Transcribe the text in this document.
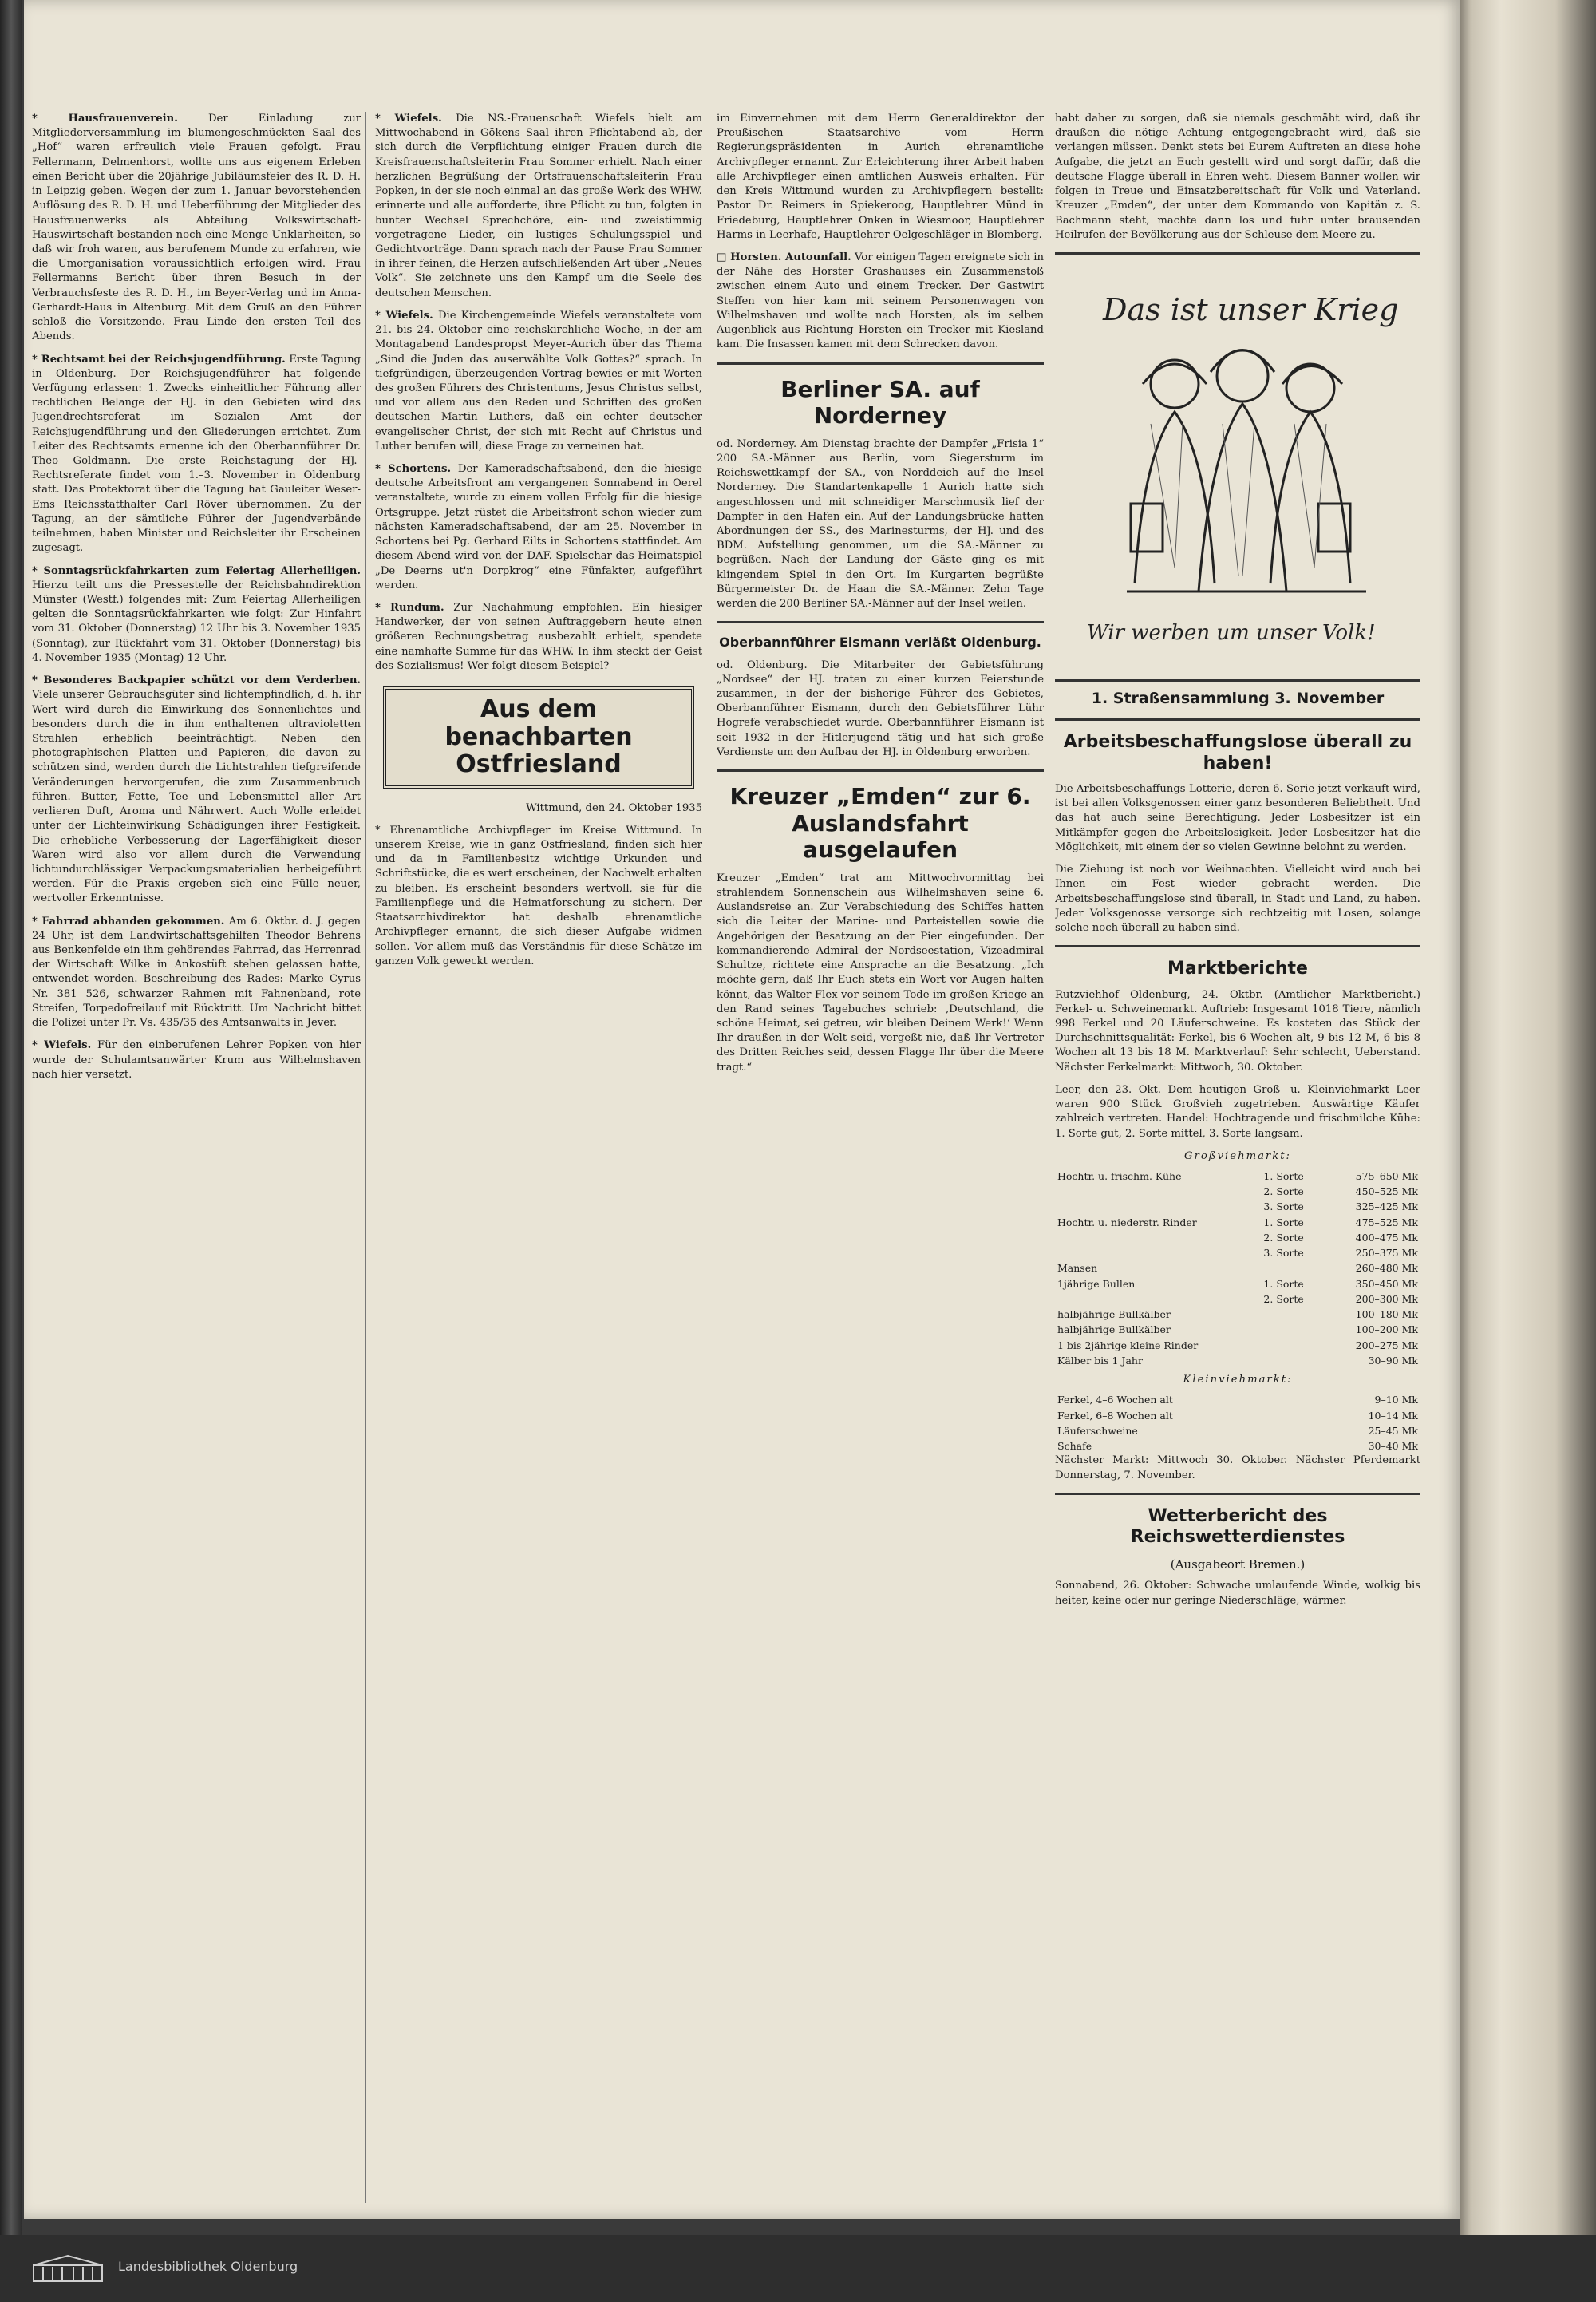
* Hausfrauenverein.	Der Einladung zur Mitgliederversammlung im blumengeschmückten Saal des „Hof“ waren erfreulich viele Frauen gefolgt. Frau Fellermann, Delmenhorst, wollte uns aus eigenem Erleben einen Bericht über die 20jährige Jubiläumsfeier des R. D. H. in Leipzig geben. Wegen der zum 1. Januar bevorstehenden Auflösung des R. D. H. und Ueberführung der Mitglieder des Hausfrauenwerks als Abteilung Volkswirtschaft-Hauswirtschaft bestanden noch eine Menge Unklarheiten, so daß wir froh waren, aus berufenem Munde zu erfahren, wie die Umorganisation voraussichtlich erfolgen wird. Frau Fellermanns Bericht über ihren Besuch in der Verbrauchsfeste des R. D. H., im Beyer-Verlag und im Anna-Gerhardt-Haus in Altenburg. Mit dem Gruß an den Führer schloß die Vorsitzende. Frau Linde den ersten Teil des Abends.

* Rechtsamt bei der Reichsjugendführung. Erste Tagung in Oldenburg. Der Reichsjugendführer hat folgende Verfügung erlassen: 1. Zwecks einheitlicher Führung aller rechtlichen Belange der HJ. in den Gebieten wird das Jugendrechtsreferat im Sozialen Amt der Reichsjugendführung und den Gliederungen errichtet. Zum Leiter des Rechtsamts ernenne ich den Oberbannführer Dr. Theo Goldmann. Die erste Reichstagung der HJ.-Rechtsreferate findet vom 1.–3. November in Oldenburg statt. Das Protektorat über die Tagung hat Gauleiter Weser-Ems Reichsstatthalter Carl Röver übernommen. Zu der Tagung, an der sämtliche Führer der Jugendverbände teilnehmen, haben Minister und Reichsleiter ihr Erscheinen zugesagt.

* Sonntagsrückfahrkarten zum Feiertag Allerheiligen. Hierzu teilt uns die Pressestelle der Reichsbahndirektion Münster (Westf.) folgendes mit: Zum Feiertag Allerheiligen gelten die Sonntagsrückfahrkarten wie folgt: Zur Hinfahrt vom 31. Oktober (Donnerstag) 12 Uhr bis 3. November 1935 (Sonntag), zur Rückfahrt vom 31. Oktober (Donnerstag) bis 4. November 1935 (Montag) 12 Uhr.

* Besonderes Backpapier schützt vor dem Verderben. Viele unserer Gebrauchsgüter sind lichtempfindlich, d. h. ihr Wert wird durch die Einwirkung des Sonnenlichtes und besonders durch die in ihm enthaltenen ultravioletten Strahlen erheblich beeinträchtigt. Neben den photographischen Platten und Papieren, die davon zu schützen sind, werden durch die Lichtstrahlen tiefgreifende Veränderungen hervorgerufen, die zum Zusammenbruch führen. Butter, Fette, Tee und Lebensmittel aller Art verlieren Duft, Aroma und Nährwert. Auch Wolle erleidet unter der Lichteinwirkung Schädigungen ihrer Festigkeit. Die erhebliche Verbesserung der Lagerfähigkeit dieser Waren wird also vor allem durch die Verwendung lichtundurchlässiger Verpackungsmaterialien herbeigeführt werden. Für die Praxis ergeben sich eine Fülle neuer, wertvoller Erkenntnisse.

* Fahrrad abhanden gekommen. Am 6. Oktbr. d. J. gegen 24 Uhr, ist dem Landwirtschaftsgehilfen Theodor Behrens aus Benkenfelde ein ihm gehörendes Fahrrad, das Herrenrad der Wirtschaft Wilke in Ankostüft stehen gelassen hatte, entwendet worden. Beschreibung des Rades: Marke Cyrus Nr. 381 526, schwarzer Rahmen mit Fahnenband, rote Streifen, Torpedofreilauf mit Rücktritt. Um Nachricht bittet die Polizei unter Pr. Vs. 435/35 des Amtsanwalts in Jever.

* Wiefels. Für den einberufenen Lehrer Popken von hier wurde der Schulamtsanwärter Krum aus Wilhelmshaven nach hier versetzt.

* Wiefels. Die NS.-Frauenschaft Wiefels hielt am Mittwochabend in Gökens Saal ihren Pflichtabend ab, der sich durch die Verpflichtung einiger Frauen durch die Kreisfrauenschaftsleiterin Frau Sommer erhielt. Nach einer herzlichen Begrüßung der Ortsfrauenschaftsleiterin Frau Popken, in der sie noch einmal an das große Werk des WHW. erinnerte und alle aufforderte, ihre Pflicht zu tun, folgten in bunter Wechsel Sprechchöre, ein- und zweistimmig vorgetragene Lieder, ein lustiges Schulungsspiel und Gedichtvorträge. Dann sprach nach der Pause Frau Sommer in ihrer feinen, die Herzen aufschließenden Art über „Neues Volk“. Sie zeichnete uns den Kampf um die Seele des deutschen Menschen.

* Wiefels. Die Kirchengemeinde Wiefels veranstaltete vom 21. bis 24. Oktober eine reichskirchliche Woche, in der am Montagabend Landespropst Meyer-Aurich über das Thema „Sind die Juden das auserwählte Volk Gottes?“ sprach. In tiefgründigen, überzeugenden Vortrag bewies er mit Worten des großen Führers des Christentums, Jesus Christus selbst, und vor allem aus den Reden und Schriften des großen deutschen Martin Luthers, daß ein echter deutscher evangelischer Christ, der sich mit Recht auf Christus und Luther berufen will, diese Frage zu verneinen hat.

* Schortens. Der Kameradschaftsabend, den die hiesige deutsche Arbeitsfront am vergangenen Sonnabend in Oerel veranstaltete, wurde zu einem vollen Erfolg für die hiesige Ortsgruppe. Jetzt rüstet die Arbeitsfront schon wieder zum nächsten Kameradschaftsabend, der am 25. November in Schortens bei Pg. Gerhard Eilts in Schortens stattfindet. Am diesem Abend wird von der DAF.-Spielschar das Heimatspiel „De Deerns ut'n Dorpkrog“ eine Fünfakter, aufgeführt werden.

* Rundum. Zur Nachahmung empfohlen. Ein hiesiger Handwerker, der von seinen Auftraggebern heute einen größeren Rechnungsbetrag ausbezahlt erhielt, spendete eine namhafte Summe für das WHW. In ihm steckt der Geist des Sozialismus! Wer folgt diesem Beispiel?

Aus dem benachbarten Ostfriesland

Wittmund, den 24. Oktober 1935

* Ehrenamtliche Archivpfleger im Kreise Wittmund. In unserem Kreise, wie in ganz Ostfriesland, finden sich hier und da in Familienbesitz wichtige Urkunden und Schriftstücke, die es wert erscheinen, der Nachwelt erhalten zu bleiben. Es erscheint besonders wertvoll, sie für die Familienpflege und die Heimatforschung zu sichern. Der Staatsarchivdirektor hat deshalb ehrenamtliche Archivpfleger ernannt, die sich dieser Aufgabe widmen sollen. Vor allem muß das Verständnis für diese Schätze im ganzen Volk geweckt werden.

im Einvernehmen mit dem Herrn Generaldirektor der Preußischen Staatsarchive vom Herrn Regierungspräsidenten in Aurich ehrenamtliche Archivpfleger ernannt. Zur Erleichterung ihrer Arbeit haben alle Archivpfleger einen amtlichen Ausweis erhalten. Für den Kreis Wittmund wurden zu Archivpflegern bestellt: Pastor Dr. Reimers in Spiekeroog, Hauptlehrer Münd in Friedeburg, Hauptlehrer Onken in Wiesmoor, Hauptlehrer Harms in Leerhafe, Hauptlehrer Oelgeschläger in Blomberg.

□ Horsten. Autounfall. Vor einigen Tagen ereignete sich in der Nähe des Horster Grashauses ein Zusammenstoß zwischen einem Auto und einem Trecker. Der Gastwirt Steffen von hier kam mit seinem Personenwagen von Wilhelmshaven und wollte nach Horsten, als im selben Augenblick aus Richtung Horsten ein Trecker mit Kiesland kam. Die Insassen kamen mit dem Schrecken davon.

Berliner SA. auf Norderney

od. Norderney. Am Dienstag brachte der Dampfer „Frisia 1“ 200 SA.-Männer aus Berlin, vom Siegersturm im Reichswettkampf der SA., von Norddeich auf die Insel Norderney. Die Standartenkapelle 1 Aurich hatte sich angeschlossen und mit schneidiger Marschmusik lief der Dampfer in den Hafen ein. Auf der Landungsbrücke hatten Abordnungen der SS., des Marinesturms, der HJ. und des BDM. Aufstellung genommen, um die SA.-Männer zu begrüßen. Nach der Landung der Gäste ging es mit klingendem Spiel in den Ort. Im Kurgarten begrüßte Bürgermeister Dr. de Haan die SA.-Männer. Zehn Tage werden die 200 Berliner SA.-Männer auf der Insel weilen.

Oberbannführer Eismann verläßt Oldenburg.

od. Oldenburg. Die Mitarbeiter der Gebietsführung „Nordsee“ der HJ. traten zu einer kurzen Feierstunde zusammen, in der der bisherige Führer des Gebietes, Oberbannführer Eismann, durch den Gebietsführer Lühr Hogrefe verabschiedet wurde. Oberbannführer Eismann ist seit 1932 in der Hitlerjugend tätig und hat sich große Verdienste um den Aufbau der HJ. in Oldenburg erworben.

Kreuzer „Emden“ zur 6. Auslandsfahrt ausgelaufen

Kreuzer „Emden“ trat am Mittwochvormittag bei strahlendem Sonnenschein aus Wilhelmshaven seine 6. Auslandsreise an. Zur Verabschiedung des Schiffes hatten sich die Leiter der Marine- und Parteistellen sowie die Angehörigen der Besatzung an der Pier eingefunden. Der kommandierende Admiral der Nordseestation, Vizeadmiral Schultze, richtete eine Ansprache an die Besatzung. „Ich möchte gern, daß Ihr Euch stets ein Wort vor Augen halten könnt, das Walter Flex vor seinem Tode im großen Kriege an den Rand seines Tagebuches schrieb: ‚Deutschland, die schöne Heimat, sei getreu, wir bleiben Deinem Werk!‘ Wenn Ihr draußen in der Welt seid, vergeßt nie, daß Ihr Vertreter des Dritten Reiches seid, dessen Flagge Ihr über die Meere tragt.“

habt daher zu sorgen, daß sie niemals geschmäht wird, daß ihr draußen die nötige Achtung entgegengebracht wird, daß sie verlangen müssen. Denkt stets bei Eurem Auftreten an diese hohe Aufgabe, die jetzt an Euch gestellt wird und sorgt dafür, daß die deutsche Flagge überall in Ehren weht. Diesem Banner wollen wir folgen in Treue und Einsatzbereitschaft für Volk und Vaterland. Kreuzer „Emden“, der unter dem Kommando von Kapitän z. S. Bachmann steht, machte dann los und fuhr unter brausenden Heilrufen der Bevölkerung aus der Schleuse dem Meere zu.

Das ist unser Krieg
Wir werben um unser Volk!
1. Straßensammlung 3. November
Arbeitsbeschaffungslose überall zu haben!

Die Arbeitsbeschaffungs-Lotterie, deren 6. Serie jetzt verkauft wird, ist bei allen Volksgenossen einer ganz besonderen Beliebtheit. Und das hat auch seine Berechtigung. Jeder Losbesitzer ist ein Mitkämpfer gegen die Arbeitslosigkeit. Jeder Losbesitzer hat die Möglichkeit, mit einem der so vielen Gewinne belohnt zu werden.

Die Ziehung ist noch vor Weihnachten. Vielleicht wird auch bei Ihnen ein Fest wieder gebracht werden. Die Arbeitsbeschaffungslose sind überall, in Stadt und Land, zu haben. Jeder Volksgenosse versorge sich rechtzeitig mit Losen, solange solche noch überall zu haben sind.

Marktberichte

Rutzviehhof Oldenburg, 24. Oktbr. (Amtlicher Marktbericht.) Ferkel- u. Schweinemarkt. Auftrieb: Insgesamt 1018 Tiere, nämlich 998 Ferkel und 20 Läuferschweine. Es kosteten das Stück der Durchschnittsqualität: Ferkel, bis 6 Wochen alt, 9 bis 12 M, 6 bis 8 Wochen alt 13 bis 18 M. Marktverlauf: Sehr schlecht, Ueberstand. Nächster Ferkelmarkt: Mittwoch, 30. Oktober.

Leer, den 23. Okt. Dem heutigen Groß- u. Kleinviehmarkt Leer waren 900 Stück Großvieh zugetrieben. Auswärtige Käufer zahlreich vertreten. Handel: Hochtragende und frischmilche Kühe: 1. Sorte gut, 2. Sorte mittel, 3. Sorte langsam.

Großviehmarkt:
Hochtr. u. frischm. Kühe	1. Sorte	575–650 Mk
	2. Sorte	450–525 Mk
	3. Sorte	325–425 Mk
Hochtr. u. niederstr. Rinder	1. Sorte	475–525 Mk
	2. Sorte	400–475 Mk
	3. Sorte	250–375 Mk
Mansen		260–480 Mk
1jährige Bullen	1. Sorte	350–450 Mk
	2. Sorte	200–300 Mk
halbjährige Bullkälber		100–180 Mk
halbjährige Bullkälber		100–200 Mk
1 bis 2jährige kleine Rinder		200–275 Mk
Kälber bis 1 Jahr		30–90 Mk
Kleinviehmarkt:
Ferkel, 4–6 Wochen alt	9–10 Mk
Ferkel, 6–8 Wochen alt	10–14 Mk
Läuferschweine	25–45 Mk
Schafe	30–40 Mk

Nächster Markt: Mittwoch 30. Oktober. Nächster Pferdemarkt Donnerstag, 7. November.

Wetterbericht des Reichswetterdienstes
(Ausgabeort Bremen.)

Sonnabend, 26. Oktober: Schwache umlaufende Winde, wolkig bis heiter, keine oder nur geringe Niederschläge, wärmer.

Landesbibliothek Oldenburg
